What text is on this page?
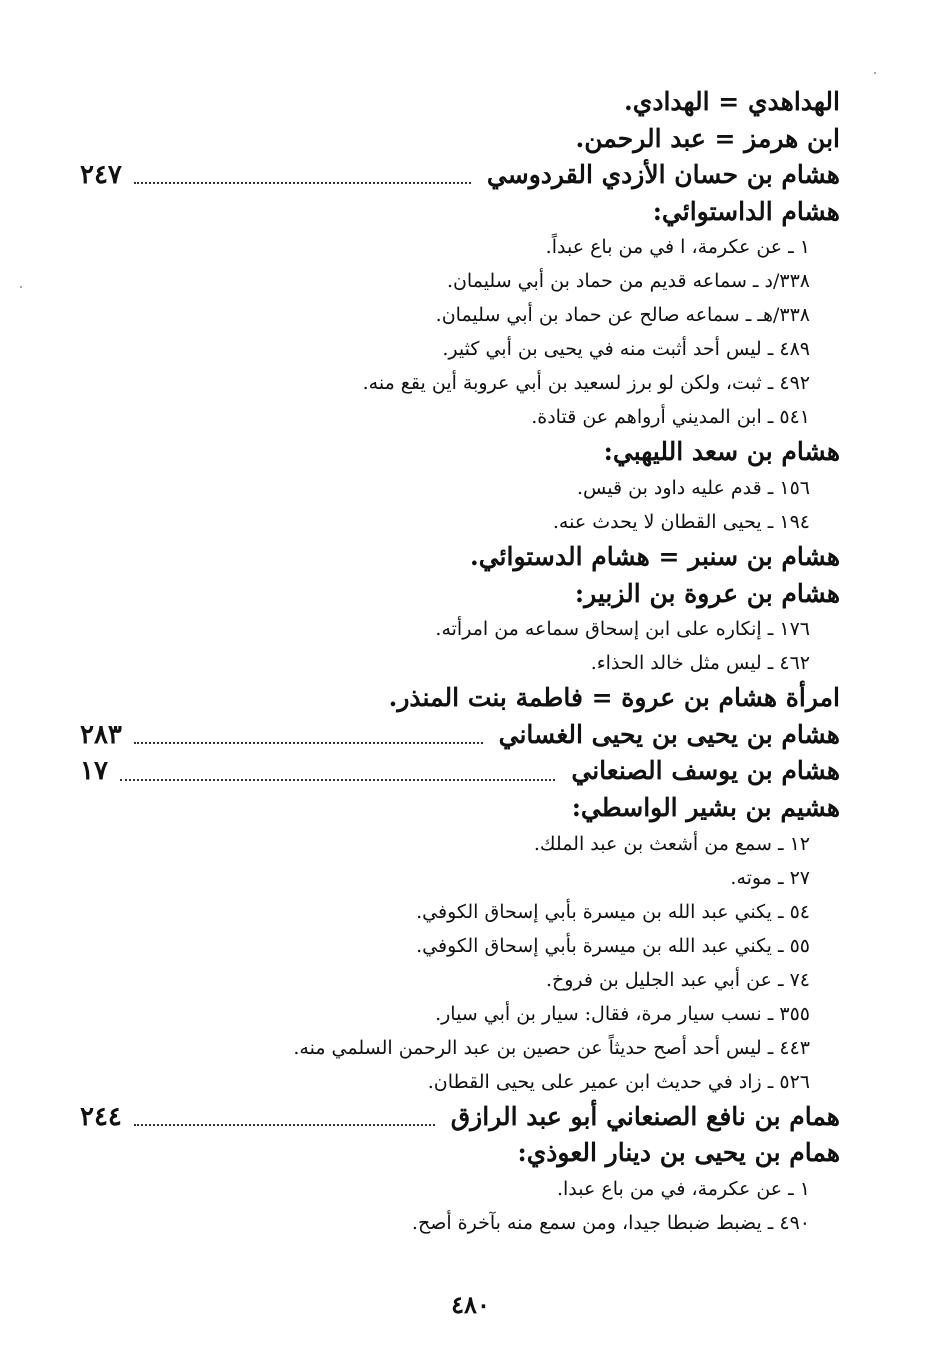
الهداهدي = الهدادي.
ابن هرمز = عبد الرحمن.
هشام بن حسان الأزدي القردوسي
٢٤٧
هشام الداستوائي:
١ ـ عن عكرمة، ا في من باع عبداً.
٣٣٨/د ـ سماعه قديم من حماد بن أبي سليمان.
٣٣٨/هـ ـ سماعه صالح عن حماد بن أبي سليمان.
٤٨٩ ـ ليس أحد أثبت منه في يحيى بن أبي كثير.
٤٩٢ ـ ثبت، ولكن لو برز لسعيد بن أبي عروبة أين يقع منه.
٥٤١ ـ ابن المديني أرواهم عن قتادة.
هشام بن سعد الليهبي:
١٥٦ ـ قدم عليه داود بن قيس.
١٩٤ ـ يحيى القطان لا يحدث عنه.
هشام بن سنبر = هشام الدستوائي.
هشام بن عروة بن الزبير:
١٧٦ ـ إنكاره على ابن إسحاق سماعه من امرأته.
٤٦٢ ـ ليس مثل خالد الحذاء.
امرأة هشام بن عروة = فاطمة بنت المنذر.
هشام بن يحيى بن يحيى الغساني
٢٨٣
هشام بن يوسف الصنعاني
١٧
هشيم بن بشير الواسطي:
١٢ ـ سمع من أشعث بن عبد الملك.
٢٧ ـ موته.
٥٤ ـ يكني عبد الله بن ميسرة بأبي إسحاق الكوفي.
٥٥ ـ يكني عبد الله بن ميسرة بأبي إسحاق الكوفي.
٧٤ ـ عن أبي عبد الجليل بن فروخ.
٣٥٥ ـ نسب سيار مرة، فقال: سيار بن أبي سيار.
٤٤٣ ـ ليس أحد أصح حديثاً عن حصين بن عبد الرحمن السلمي منه.
٥٢٦ ـ زاد في حديث ابن عمير على يحيى القطان.
همام بن نافع الصنعاني أبو عبد الرازق
٢٤٤
همام بن يحيى بن دينار العوذي:
١ ـ عن عكرمة، في من باع عبدا.
٤٩٠ ـ يضبط ضبطا جيدا، ومن سمع منه بآخرة أصح.
٤٨٠
